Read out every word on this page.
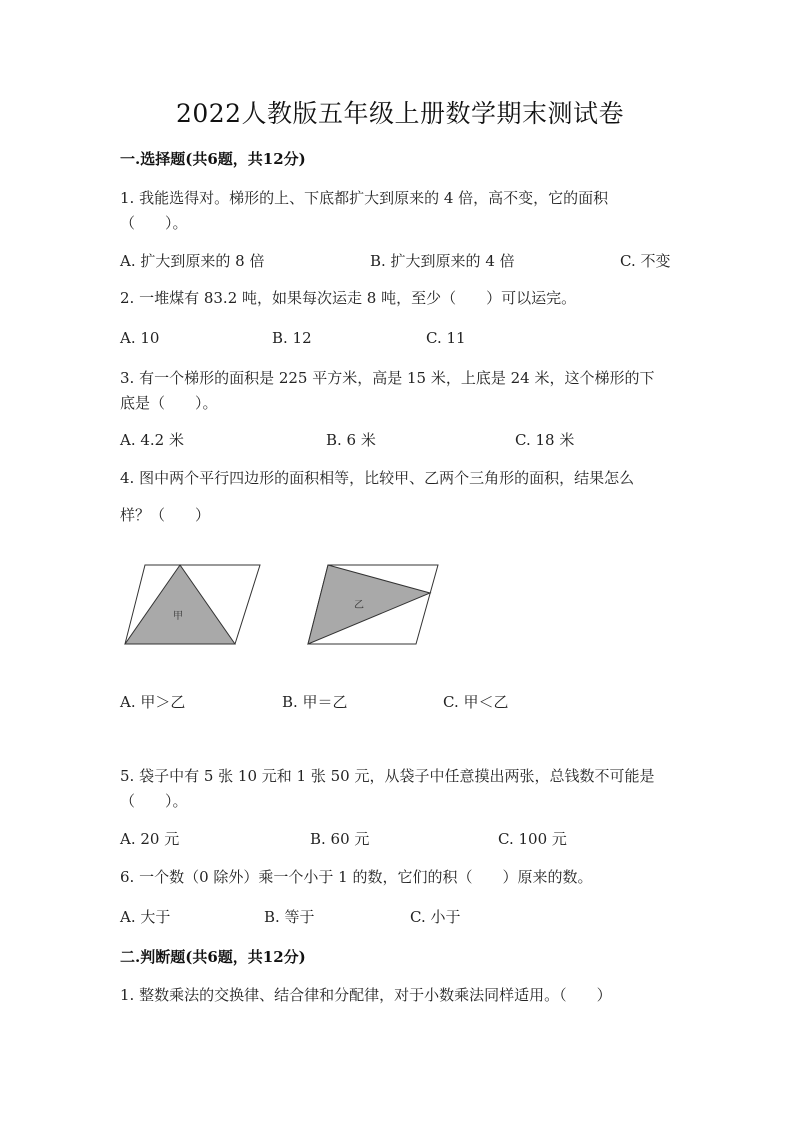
2022人教版五年级上册数学期末测试卷
一.选择题(共6题，共12分)
1. 我能选得对。梯形的上、下底都扩大到原来的 4 倍，高不变，它的面积
（　　）。
A. 扩大到原来的 8 倍	B. 扩大到原来的 4 倍	C. 不变
2. 一堆煤有 83.2 吨，如果每次运走 8 吨，至少（　　）可以运完。
A. 10	B. 12	C. 11
3. 有一个梯形的面积是 225 平方米，高是 15 米，上底是 24 米，这个梯形的下
底是（　　）。
A. 4.2 米	B. 6 米	C. 18 米
4. 图中两个平行四边形的面积相等，比较甲、乙两个三角形的面积，结果怎么
样？（　　）
甲
乙
A. 甲＞乙	B. 甲＝乙	C. 甲＜乙
5. 袋子中有 5 张 10 元和 1 张 50 元，从袋子中任意摸出两张，总钱数不可能是
（　　）。
A. 20 元	B. 60 元	C. 100 元
6. 一个数（0 除外）乘一个小于 1 的数，它们的积（　　）原来的数。
A. 大于	B. 等于	C. 小于
二.判断题(共6题，共12分)
1. 整数乘法的交换律、结合律和分配律，对于小数乘法同样适用。（　　）
